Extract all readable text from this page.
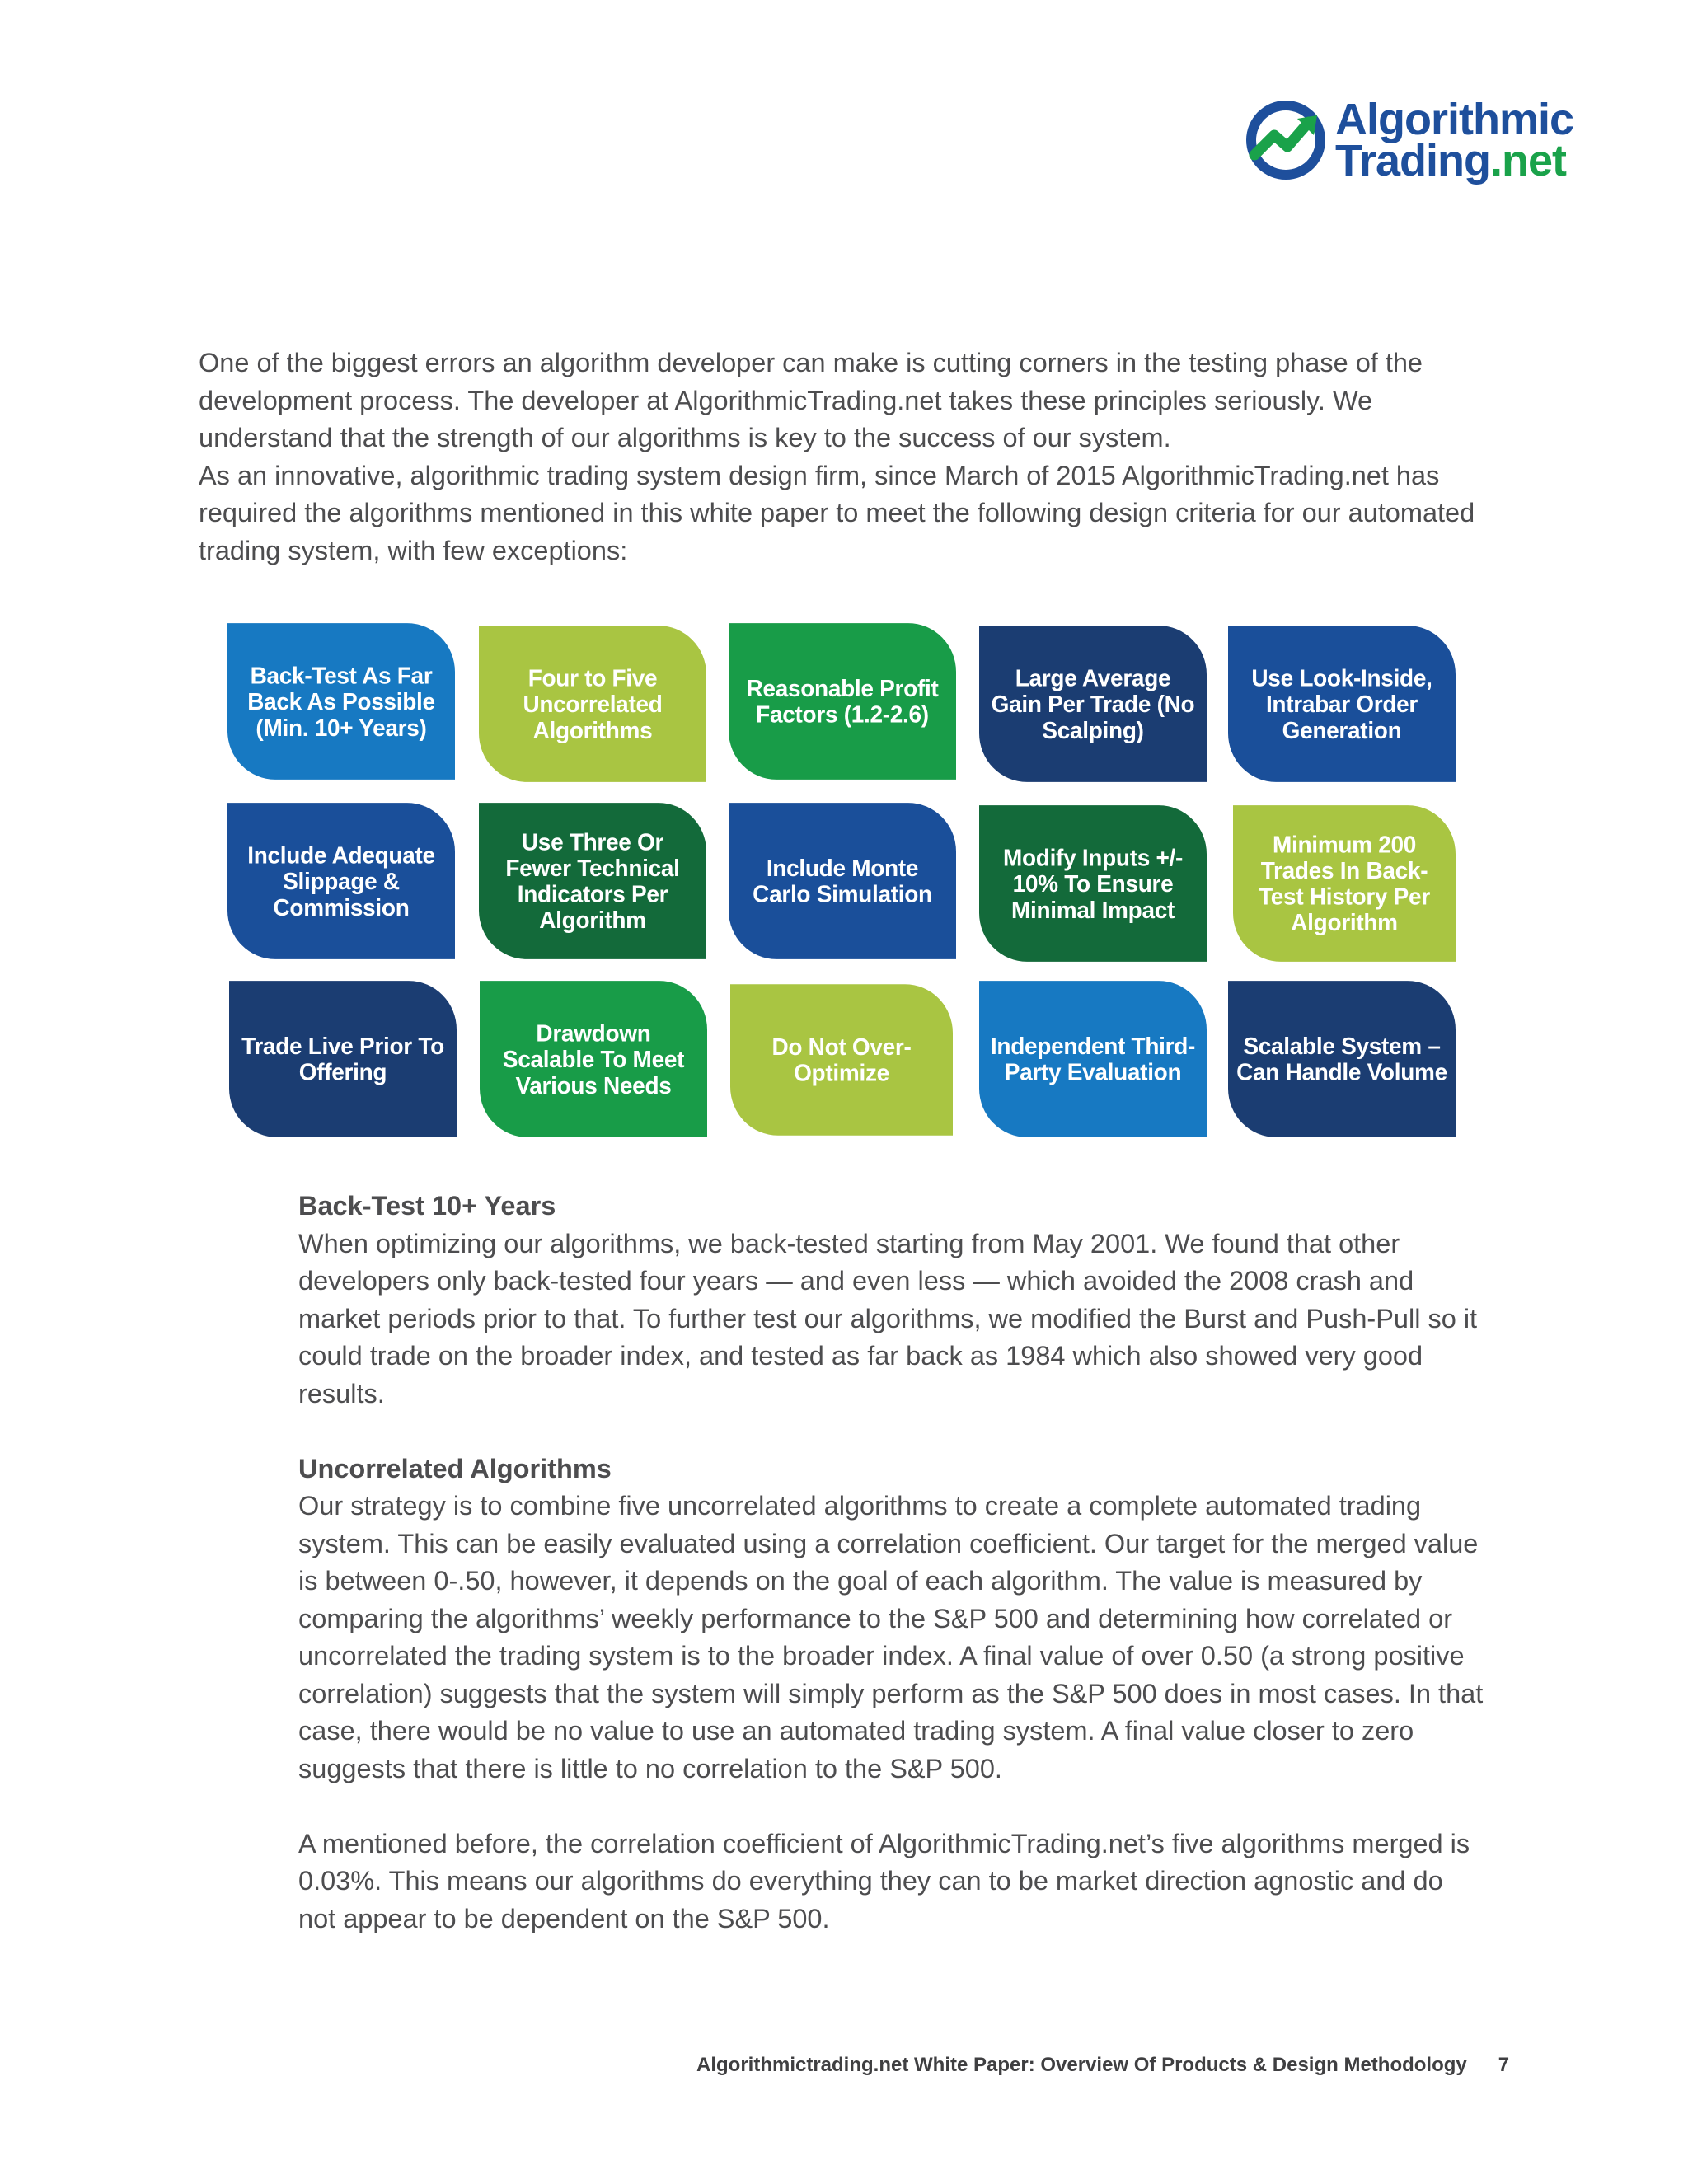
Algorithmic
Trading.net

One of the biggest errors an algorithm developer can make is cutting corners in the testing phase of the development process. The developer at AlgorithmicTrading.net takes these principles seriously. We understand that the strength of our algorithms is key to the success of our system.

As an innovative, algorithmic trading system design firm, since March of 2015 AlgorithmicTrading.net has required the algorithms mentioned in this white paper to meet the following design criteria for our automated trading system, with few exceptions:

Back-Test As Far Back As Possible (Min. 10+ Years)
Four to Five Uncorrelated Algorithms
Reasonable Profit Factors (1.2-2.6)
Large Average Gain Per Trade (No Scalping)
Use Look-Inside, Intrabar Order Generation
Include Adequate Slippage & Commission
Use Three Or Fewer Technical Indicators Per Algorithm
Include Monte Carlo Simulation
Modify Inputs +/- 10% To Ensure Minimal Impact
Minimum 200 Trades In Back-Test History Per Algorithm
Trade Live Prior To Offering
Drawdown Scalable To Meet Various Needs
Do Not Over-Optimize
Independent Third-Party Evaluation
Scalable System – Can Handle Volume
Back-Test 10+ Years

When optimizing our algorithms, we back-tested starting from May 2001. We found that other developers only back-tested four years — and even less — which avoided the 2008 crash and market periods prior to that. To further test our algorithms, we modified the Burst and Push-Pull so it could trade on the broader index, and tested as far back as 1984 which also showed very good results.

Uncorrelated Algorithms

Our strategy is to combine five uncorrelated algorithms to create a complete automated trading system. This can be easily evaluated using a correlation coefficient. Our target for the merged value is between 0-.50, however, it depends on the goal of each algorithm. The value is measured by comparing the algorithms’ weekly performance to the S&P 500 and determining how correlated or uncorrelated the trading system is to the broader index. A final value of over 0.50 (a strong positive correlation) suggests that the system will simply perform as the S&P 500 does in most cases. In that case, there would be no value to use an automated trading system. A final value closer to zero suggests that there is little to no correlation to the S&P 500.

A mentioned before, the correlation coefficient of AlgorithmicTrading.net’s five algorithms merged is 0.03%. This means our algorithms do everything they can to be market direction agnostic and do not appear to be dependent on the S&P 500.

Algorithmictrading.net White Paper: Overview Of Products & Design Methodology 7
